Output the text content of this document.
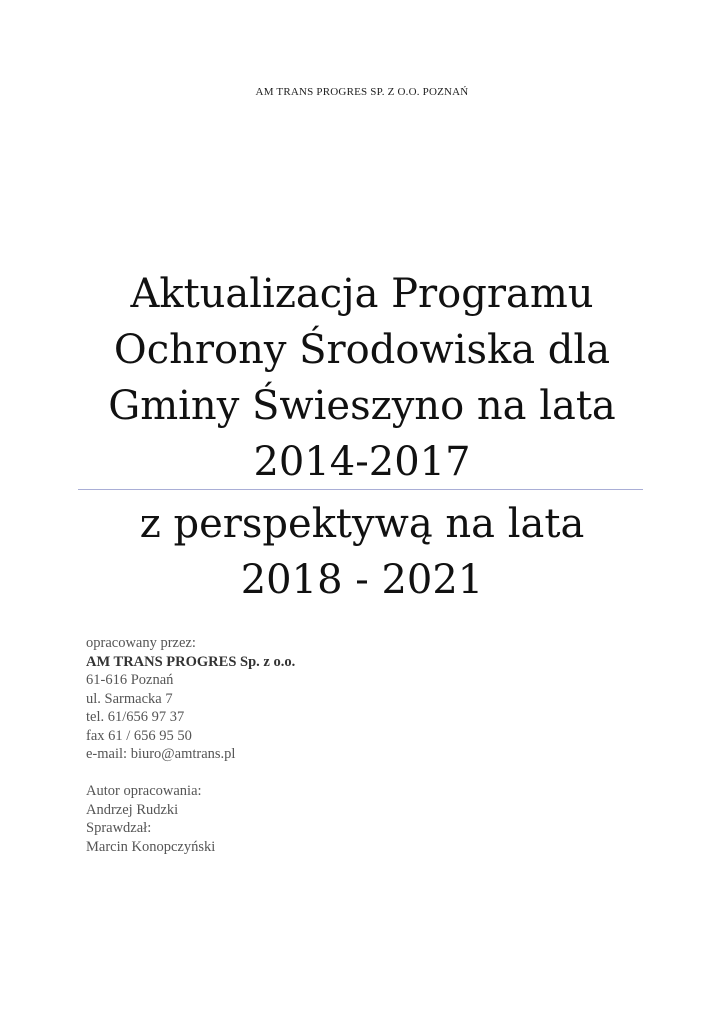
AM TRANS PROGRES SP. Z O.O. POZNAŃ
Aktualizacja Programu
Ochrony Środowiska dla
Gminy Świeszyno na lata
2014-2017
z perspektywą na lata
2018 - 2021
opracowany przez:
AM TRANS PROGRES Sp. z o.o.
61-616 Poznań
ul. Sarmacka 7
tel. 61/656 97 37
fax 61 / 656 95 50
e-mail: biuro@amtrans.pl
Autor opracowania:
Andrzej Rudzki
Sprawdzał:
Marcin Konopczyński
